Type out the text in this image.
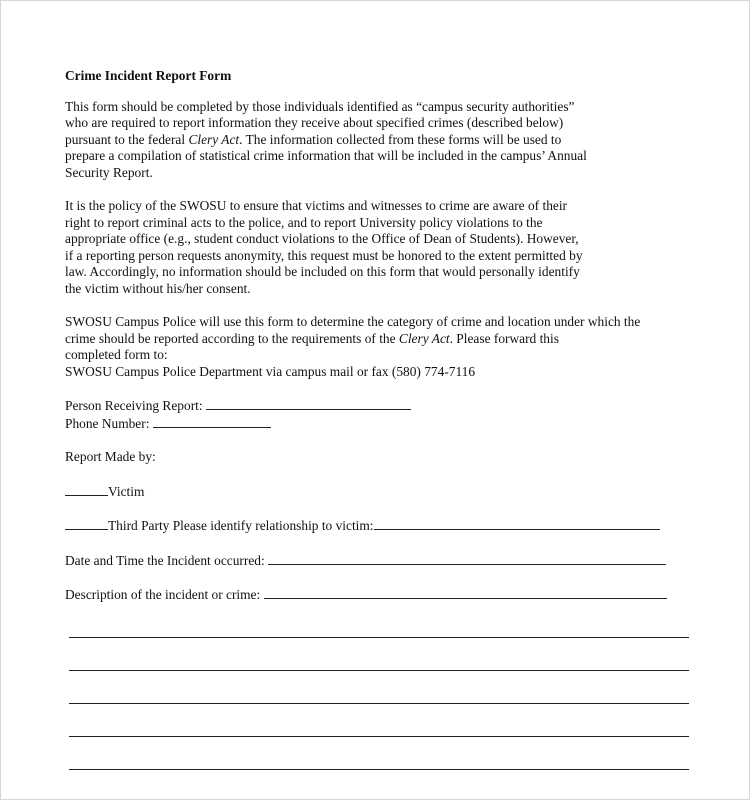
Crime Incident Report Form
This form should be completed by those individuals identified as “campus security authorities”
who are required to report information they receive about specified crimes (described below)
pursuant to the federal Clery Act. The information collected from these forms will be used to
prepare a compilation of statistical crime information that will be included in the campus’ Annual
Security Report.
It is the policy of the SWOSU to ensure that victims and witnesses to crime are aware of their
right to report criminal acts to the police, and to report University policy violations to the
appropriate office (e.g., student conduct violations to the Office of Dean of Students). However,
if a reporting person requests anonymity, this request must be honored to the extent permitted by
law. Accordingly, no information should be included on this form that would personally identify
the victim without his/her consent.
SWOSU Campus Police will use this form to determine the category of crime and location under which the
crime should be reported according to the requirements of the Clery Act. Please forward this
completed form to:
SWOSU Campus Police Department via campus mail or fax (580) 774-7116
Person Receiving Report:
Phone Number:
Report Made by:
Victim
Third Party Please identify relationship to victim:
Date and Time the Incident occurred:
Description of the incident or crime:
